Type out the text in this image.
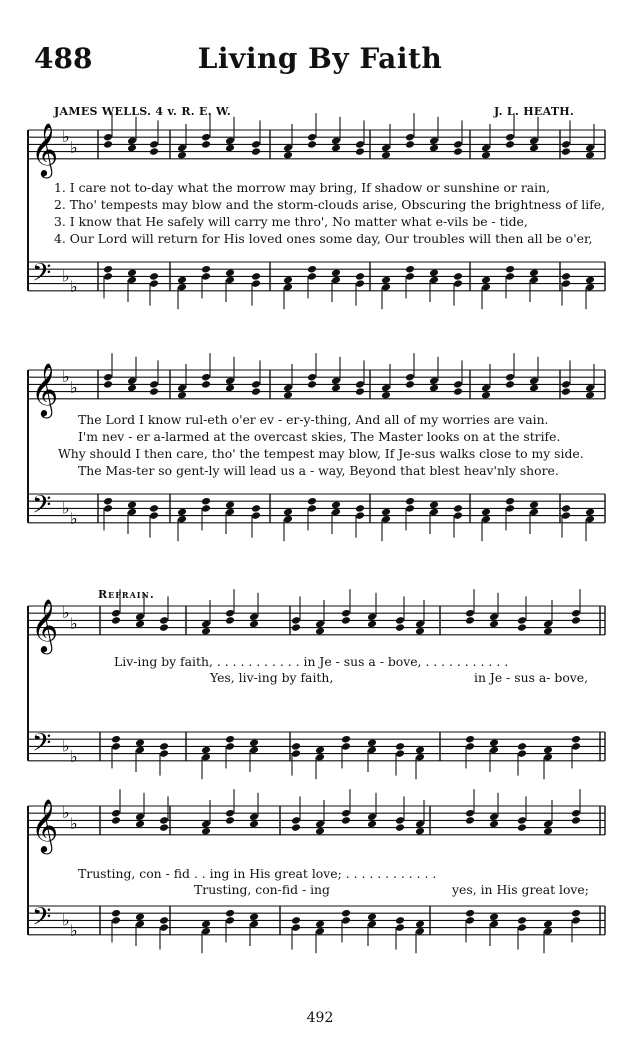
488	Living By Faith
JAMES WELLS. 4 v. R. E. W.	J. L. HEATH.
𝄞
𝄢
♭
♭
♭
♭
𝄞
𝄢
♭
♭
♭
♭
𝄞
𝄢
♭
♭
♭
♭
𝄞
𝄢
♭
♭
♭
♭
1. I care not to-day what the morrow may bring, If shadow or sunshine or rain,
2. Tho' tempests may blow and the storm-clouds arise, Obscuring the brightness of life,
3. I know that He safely will carry me thro', No matter what e-vils be - tide,
4. Our Lord will return for His loved ones some day, Our troubles will then all be o'er,
The Lord I know rul-eth o'er ev - er-y-thing, And all of my worries are vain.
I'm nev - er a-larmed at the overcast skies, The Master looks on at the strife.
Why should I then care, tho' the tempest may blow, If Je-sus walks close to my side.
The Mas-ter so gent-ly will lead us a - way, Beyond that blest heav'nly shore.
Refrain.
Liv-ing by faith, . . . . . . . . . . . in Je - sus a - bove, . . . . . . . . . . .
Yes, liv-ing by faith,	in Je - sus a- bove,
Trusting, con - fid . . ing in His great love; . . . . . . . . . . . .
Trusting, con-fid - ing	yes, in His great love;
492
